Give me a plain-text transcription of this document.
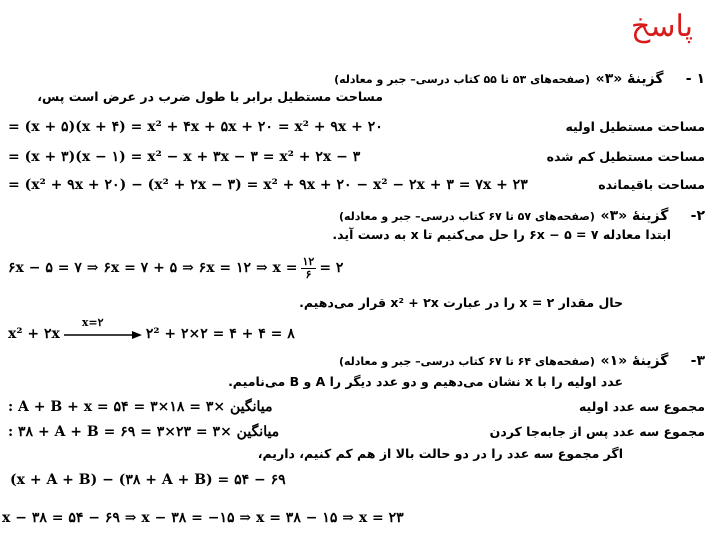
پاسخ
۱ -    گزینهٔ «۳» (صفحه‌های ۵۳ تا ۵۵ کتاب درسی– جبر و معادله)
مساحت مستطیل برابر با طول ضرب در عرض است پس،
= (x + ۵)(x + ۴) = x² + ۴x + ۵x + ۲۰ = x² + ۹x + ۲۰	مساحت مستطیل اولیه
= (x + ۳)(x − ۱) = x² − x + ۳x − ۳ = x² + ۲x − ۳	مساحت مستطیل کم شده
= (x² + ۹x + ۲۰) − (x² + ۲x − ۳) = x² + ۹x + ۲۰ − x² − ۲x + ۳ = ۷x + ۲۳	مساحت باقیمانده
۲-    گزینهٔ «۳» (صفحه‌های ۵۷ تا ۶۷ کتاب درسی– جبر و معادله)
ابتدا معادله ۷ = ۵ − ۶x را حل می‌کنیم تا x به دست آید.
۶x − ۵ = ۷ ⇒ ۶x = ۷ + ۵ ⇒ ۶x = ۱۲ ⇒ $x = \frac{۱۲}{۶}$ = ۲
حال مقدار x = ۲ را در عبارت x² + ۲x قرار می‌دهیم.
x² + ۲x
x=۲
۲² + ۲×۲ = ۴ + ۴ = ۸
۳-    گزینهٔ «۱» (صفحه‌های ۶۴ تا ۶۷ کتاب درسی– جبر و معادله)
عدد اولیه را با x نشان می‌دهیم و دو عدد دیگر را A و B می‌نامیم.
: A + B + x = میانگین ×۳ = ۱۸×۳ = ۵۴	مجموع سه عدد اولیه
: ۳۸ + A + B = میانگین ×۳ = ۲۳×۳ = ۶۹	مجموع سه عدد پس از جابه‌جا کردن
اگر مجموع سه عدد را در دو حالت بالا از هم کم کنیم، داریم،
(x + A + B) − (۳۸ + A + B) = ۵۴ − ۶۹
x − ۳۸ = ۵۴ − ۶۹ ⇒ x − ۳۸ = −۱۵ ⇒ x = ۳۸ − ۱۵ ⇒ x = ۲۳
